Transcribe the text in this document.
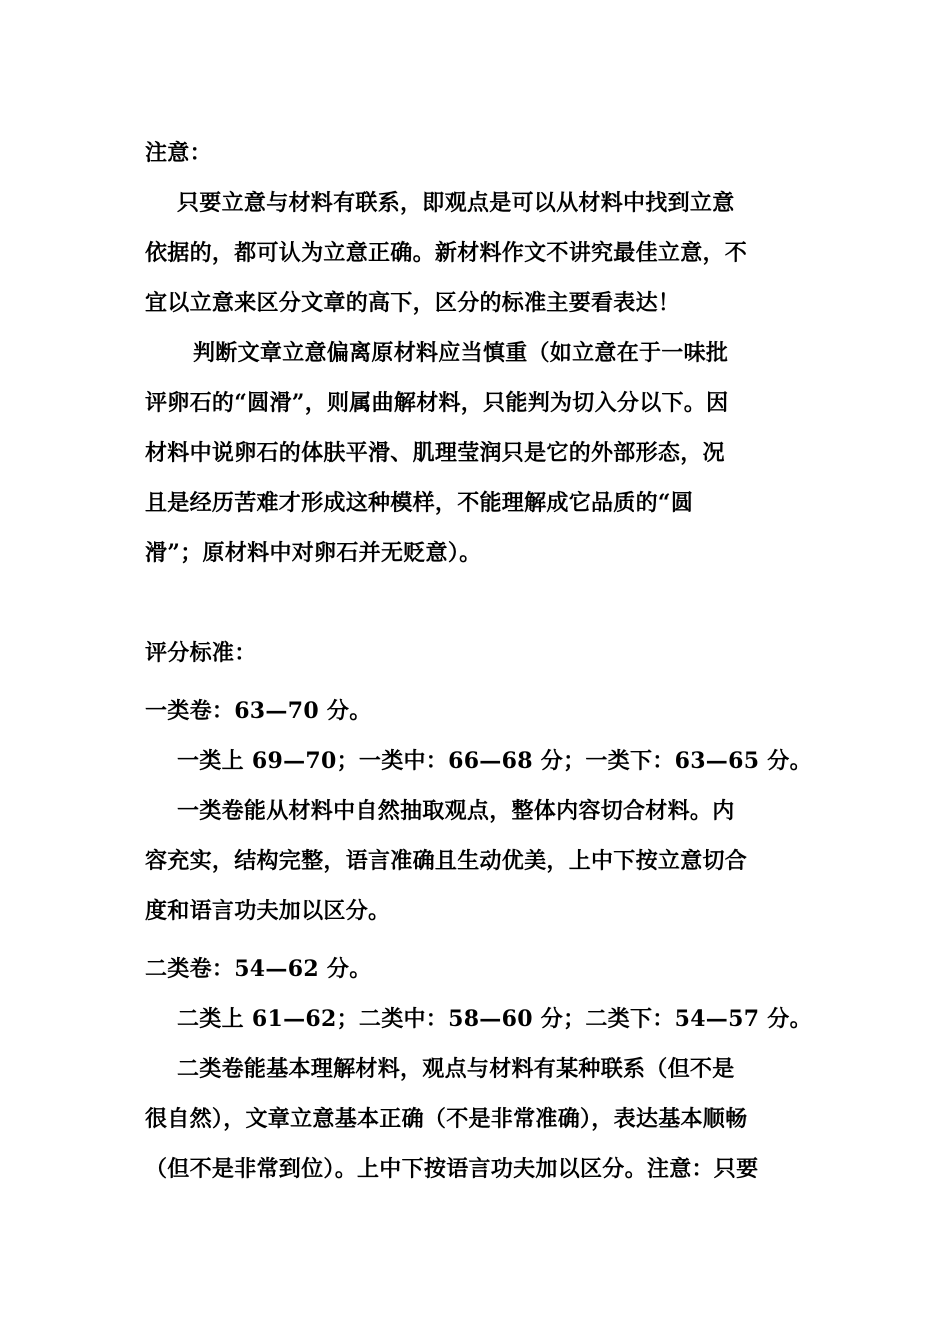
注意：
只要立意与材料有联系，即观点是可以从材料中找到立意
依据的，都可认为立意正确。新材料作文不讲究最佳立意，不
宜以立意来区分文章的高下，区分的标准主要看表达！
判断文章立意偏离原材料应当慎重（如立意在于一味批
评卵石的“圆滑”，则属曲解材料，只能判为切入分以下。因
材料中说卵石的体肤平滑、肌理莹润只是它的外部形态，况
且是经历苦难才形成这种模样，不能理解成它品质的“圆
滑”；原材料中对卵石并无贬意）。
评分标准：
一类卷：63—70 分。
一类上 69—70；一类中：66—68 分；一类下：63—65 分。
一类卷能从材料中自然抽取观点，整体内容切合材料。内
容充实，结构完整，语言准确且生动优美，上中下按立意切合
度和语言功夫加以区分。
二类卷：54—62 分。
二类上 61—62；二类中：58—60 分；二类下：54—57 分。
二类卷能基本理解材料，观点与材料有某种联系（但不是
很自然），文章立意基本正确（不是非常准确），表达基本顺畅
（但不是非常到位）。上中下按语言功夫加以区分。注意：只要
